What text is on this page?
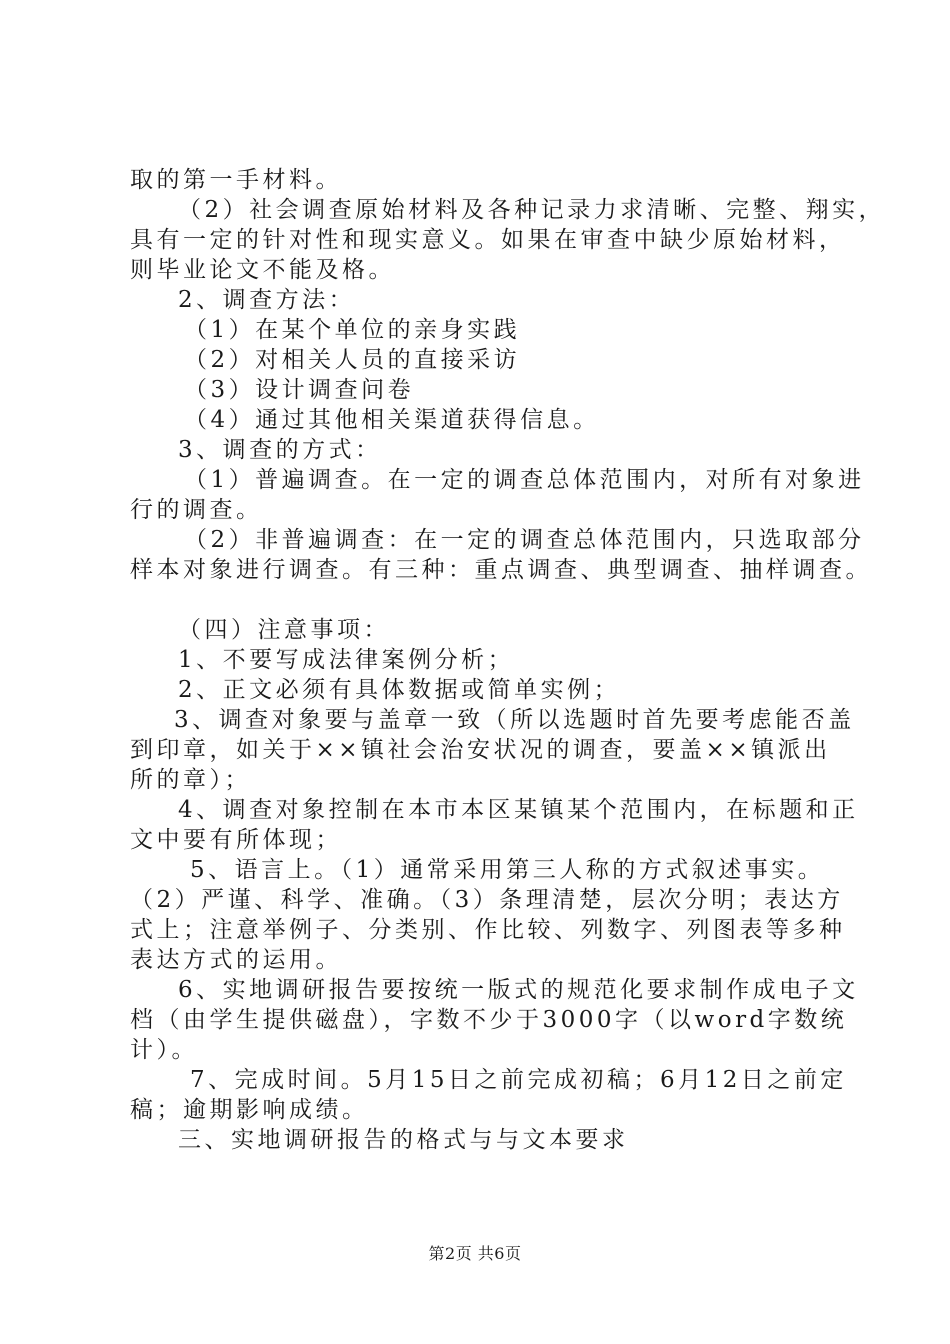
取的第一手材料。
（2）社会调查原始材料及各种记录力求清晰、完整、翔实，
具有一定的针对性和现实意义。如果在审查中缺少原始材料，
则毕业论文不能及格。
2、调查方法：
（1）在某个单位的亲身实践
（2）对相关人员的直接采访
（3）设计调查问卷
（4）通过其他相关渠道获得信息。
3、调查的方式：
（1）普遍调查。在一定的调查总体范围内，对所有对象进
行的调查。
（2）非普遍调查：在一定的调查总体范围内，只选取部分
样本对象进行调查。有三种：重点调查、典型调查、抽样调查。
（四）注意事项：
1、不要写成法律案例分析；
2、正文必须有具体数据或简单实例；
3、调查对象要与盖章一致（所以选题时首先要考虑能否盖
到印章，如关于××镇社会治安状况的调查，要盖××镇派出
所的章）；
4、调查对象控制在本市本区某镇某个范围内，在标题和正
文中要有所体现；
5、语言上。（1）通常采用第三人称的方式叙述事实。
（2）严谨、科学、准确。（3）条理清楚，层次分明；表达方
式上；注意举例子、分类别、作比较、列数字、列图表等多种
表达方式的运用。
6、实地调研报告要按统一版式的规范化要求制作成电子文
档（由学生提供磁盘），字数不少于3000字（以word字数统
计）。
7、完成时间。5月15日之前完成初稿；6月12日之前定
稿；逾期影响成绩。
三、实地调研报告的格式与与文本要求
第2页 共6页
